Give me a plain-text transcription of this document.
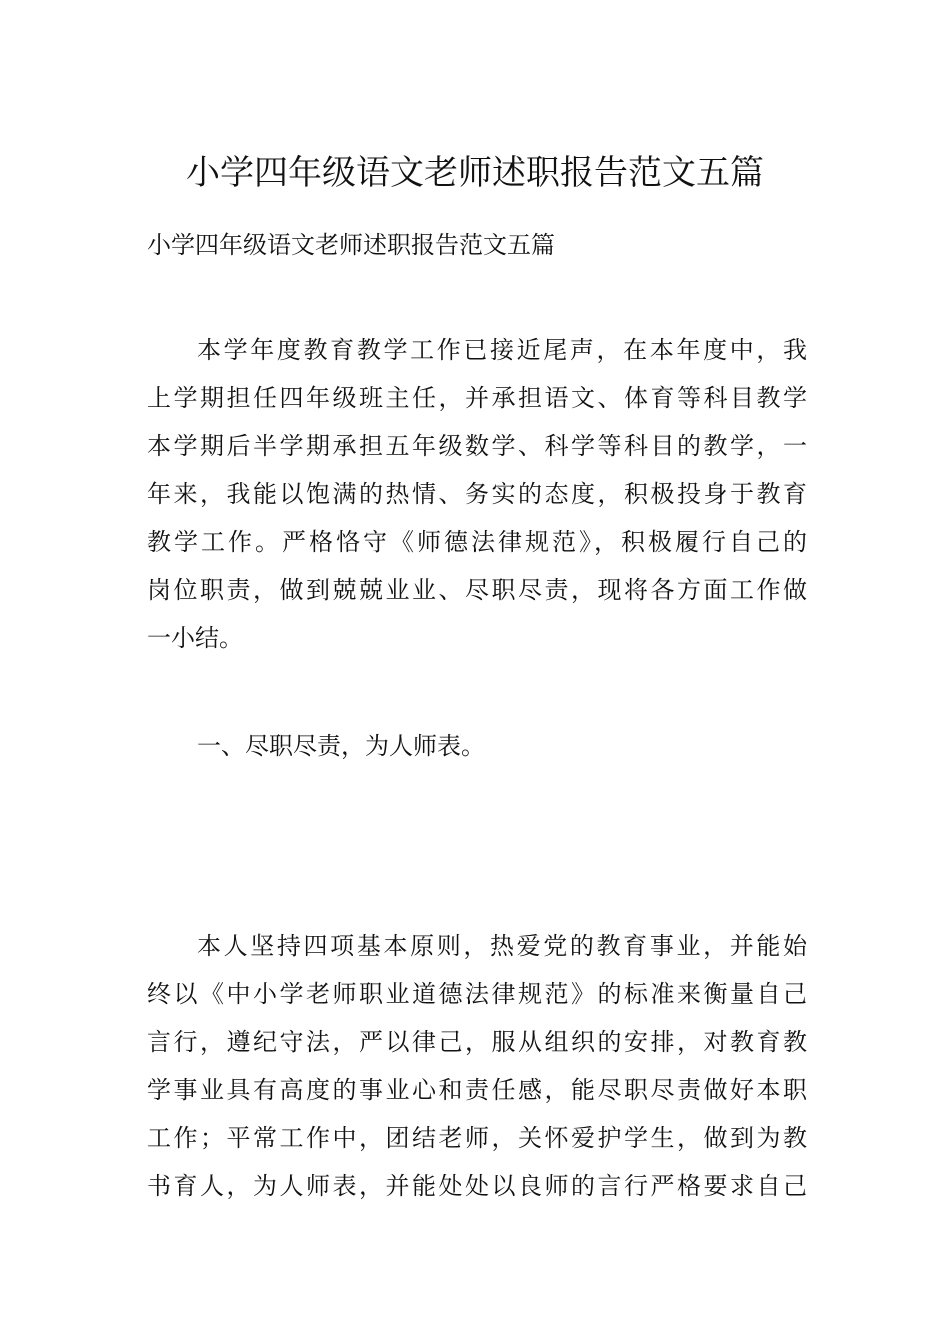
小学四年级语文老师述职报告范文五篇
小学四年级语文老师述职报告范文五篇
本学年度教育教学工作已接近尾声，在本年度中，我
上学期担任四年级班主任，并承担语文、体育等科目教学
本学期后半学期承担五年级数学、科学等科目的教学，一
年来，我能以饱满的热情、务实的态度，积极投身于教育
教学工作。严格恪守《师德法律规范》，积极履行自己的
岗位职责，做到兢兢业业、尽职尽责，现将各方面工作做
一小结。
一、尽职尽责，为人师表。
本人坚持四项基本原则，热爱党的教育事业，并能始
终以《中小学老师职业道德法律规范》的标准来衡量自己
言行，遵纪守法，严以律己，服从组织的安排，对教育教
学事业具有高度的事业心和责任感，能尽职尽责做好本职
工作；平常工作中，团结老师，关怀爱护学生，做到为教
书育人，为人师表，并能处处以良师的言行严格要求自己
